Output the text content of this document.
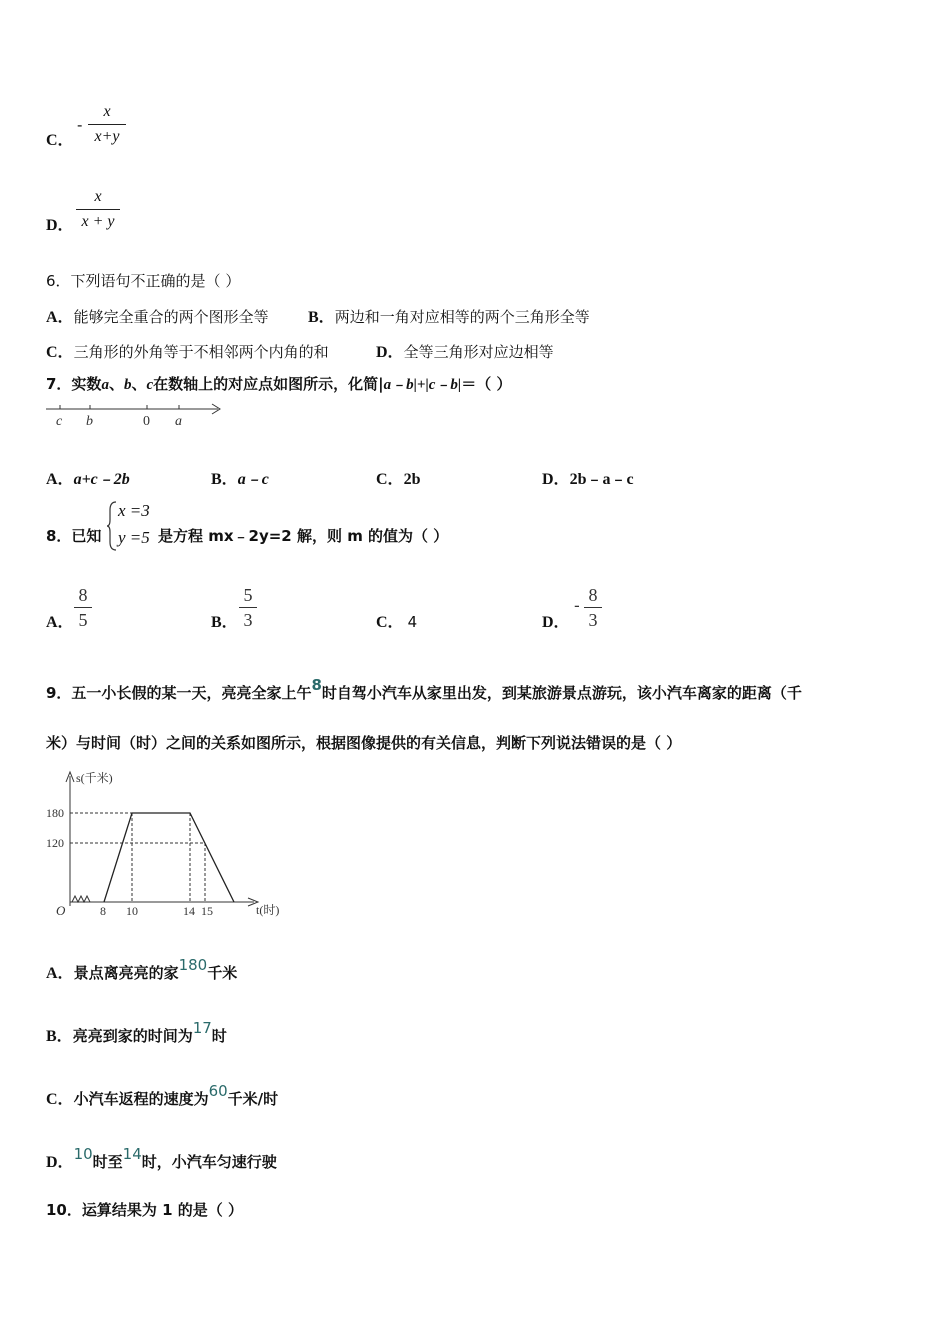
C．
-
x
x+y
D．
x
x + y
6．下列语句不正确的是（ ）
A．能够完全重合的两个图形全等 B．两边和一角对应相等的两个三角形全等
C．三角形的外角等于不相邻两个内角的和	D．全等三角形对应边相等
7．实数a、b、c在数轴上的对应点如图所示，化简|a﹣b|+|c﹣b|＝（ ）
c b	0 a
A．a+c﹣2b	B．a﹣c	C．2b	D．2b﹣a﹣c
8．已知
x =3
y =5 是方程 mx﹣2y=2 解，则 m 的值为（ ）
A．
8
5	B．
5
3	C． 4	D．
-
8
3
9．五一小长假的某一天，亮亮全家上午8时自驾小汽车从家里出发，到某旅游景点游玩，该小汽车离家的距离（千
米）与时间（时）之间的关系如图所示，根据图像提供的有关信息，判断下列说法错误的是（ ）
s(千米)
t(时)
O
180
120
8 10	14 15
A．景点离亮亮的家180千米
B．亮亮到家的时间为17时
C．小汽车返程的速度为60千米/时
D．10时至14时，小汽车匀速行驶
10．运算结果为 1 的是（ ）
